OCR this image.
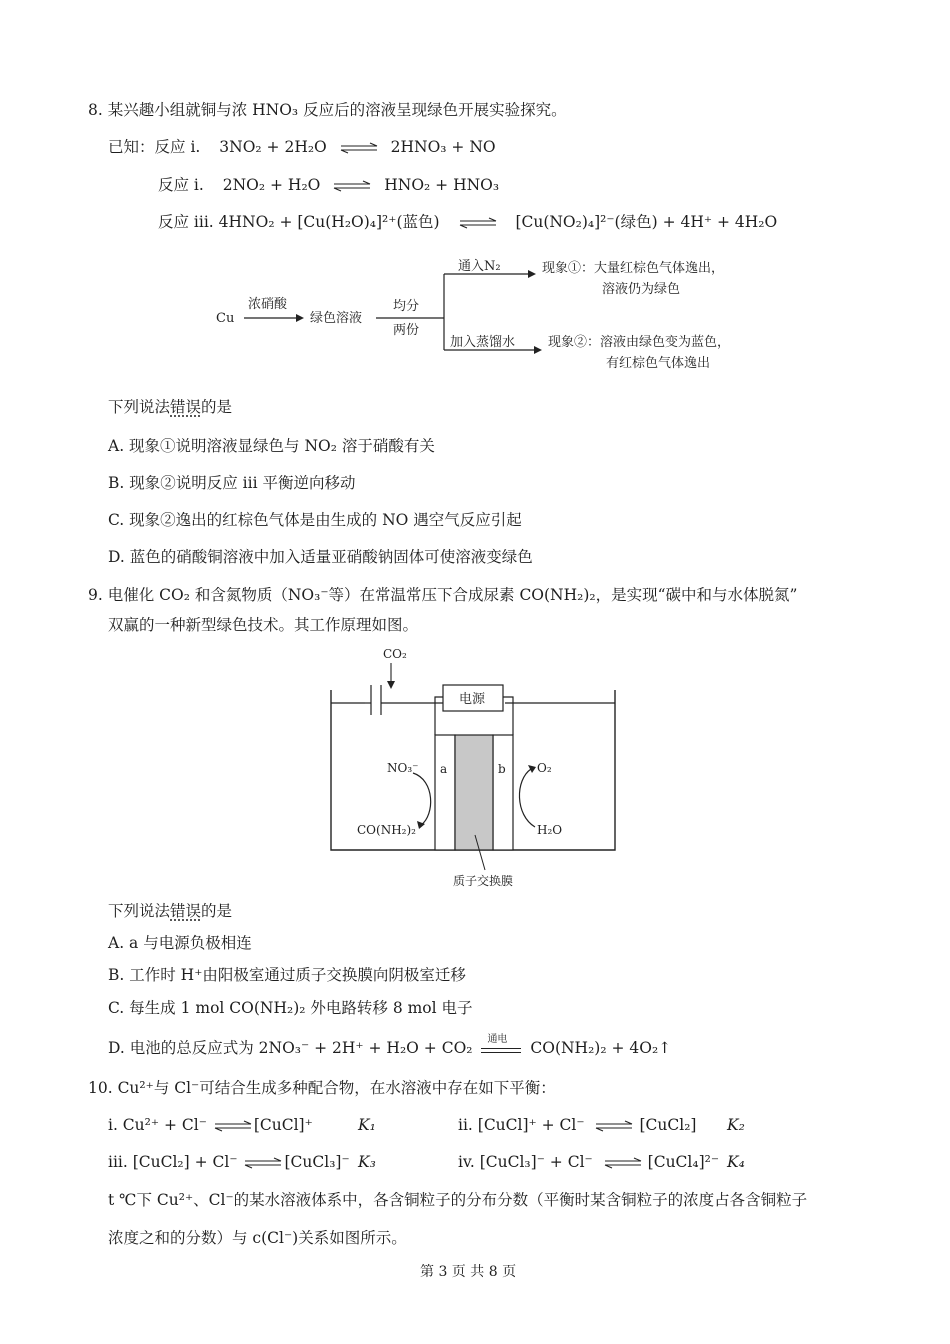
8. 某兴趣小组就铜与浓 HNO₃ 反应后的溶液呈现绿色开展实验探究。
已知：反应 i. 3NO₂ + 2H₂O ⇌ 2HNO₃ + NO
反应 i. 2NO₂ + H₂O ⇌ HNO₂ + HNO₃
反应 iii. 4HNO₂ + [Cu(H₂O)₄]²⁺(蓝色) ⇌ [Cu(NO₂)₄]²⁻(绿色) + 4H⁺ + 4H₂O
Cu
浓硝酸
绿色溶液
均分
两份
通入N₂
加入蒸馏水
现象①：大量红棕色气体逸出，
溶液仍为绿色
现象②：溶液由绿色变为蓝色，
有红棕色气体逸出
下列说法错误的是
A. 现象①说明溶液显绿色与 NO₂ 溶于硝酸有关
B. 现象②说明反应 iii 平衡逆向移动
C. 现象②逸出的红棕色气体是由生成的 NO 遇空气反应引起
D. 蓝色的硝酸铜溶液中加入适量亚硝酸钠固体可使溶液变绿色
9. 电催化 CO₂ 和含氮物质（NO₃⁻等）在常温常压下合成尿素 CO(NH₂)₂，是实现“碳中和与水体脱氮”
双赢的一种新型绿色技术。其工作原理如图。
CO₂
电源
a	b
NO₃⁻
CO(NH₂)₂
O₂
H₂O
质子交换膜
下列说法错误的是
A. a 与电源负极相连
B. 工作时 H⁺由阳极室通过质子交换膜向阴极室迁移
C. 每生成 1 mol CO(NH₂)₂ 外电路转移 8 mol 电子
D. 电池的总反应式为 2NO₃⁻ + 2H⁺ + H₂O + CO₂ 通电 CO(NH₂)₂ + 4O₂↑
10. Cu²⁺与 Cl⁻可结合生成多种配合物，在水溶液中存在如下平衡：
i. Cu²⁺ + Cl⁻ ⇌ [CuCl]⁺	K₁	ii. [CuCl]⁺ + Cl⁻ ⇌ [CuCl₂] K₂
iii. [CuCl₂] + Cl⁻ ⇌ [CuCl₃]⁻ K₃	iv. [CuCl₃]⁻ + Cl⁻ ⇌ [CuCl₄]²⁻ K₄
t ℃下 Cu²⁺、Cl⁻的某水溶液体系中，各含铜粒子的分布分数（平衡时某含铜粒子的浓度占各含铜粒子
浓度之和的分数）与 c(Cl⁻)关系如图所示。
第 3 页 共 8 页
